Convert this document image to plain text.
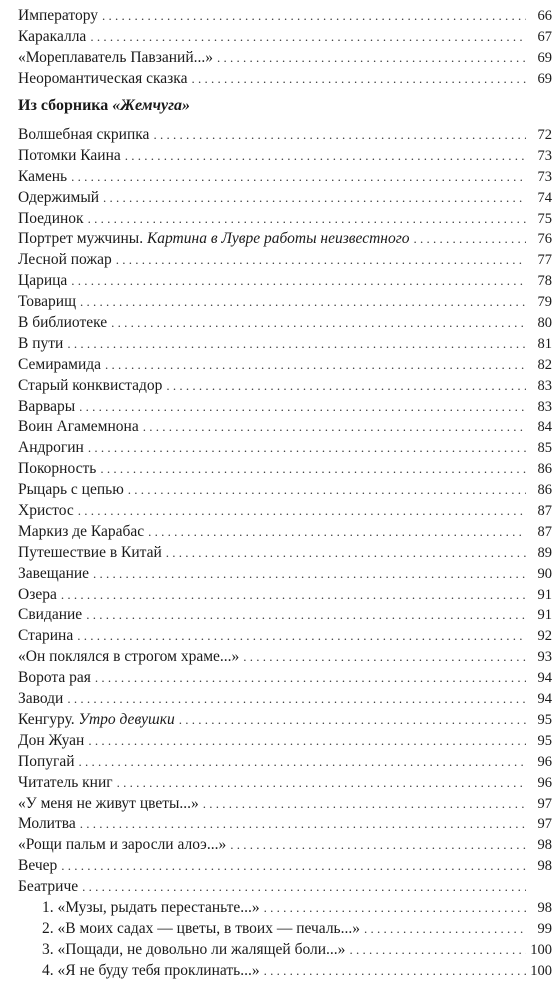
Императору . . .	66
Каракалла . . .	67
«Мореплаватель Павзаний...» . . .	69
Неоромантическая сказка . . .	69
Из сборника «Жемчуга»
Волшебная скрипка . . .	72
Потомки Каина . . .	73
Камень . . .	73
Одержимый . . .	74
Поединок . . .	75
Портрет мужчины. Картина в Лувре работы неизвестного . . .	76
Лесной пожар . . .	77
Царица . . .	78
Товарищ . . .	79
В библиотеке . . .	80
В пути . . .	81
Семирамида . . .	82
Старый конквистадор . . .	83
Варвары . . .	83
Воин Агамемнона . . .	84
Андрогин . . .	85
Покорность . . .	86
Рыцарь с цепью . . .	86
Христос . . .	87
Маркиз де Карабас . . .	87
Путешествие в Китай . . .	89
Завещание . . .	90
Озера . . .	91
Свидание . . .	91
Старина . . .	92
«Он поклялся в строгом храме...» . . .	93
Ворота рая . . .	94
Заводи . . .	94
Кенгуру. Утро девушки . . .	95
Дон Жуан . . .	95
Попугай . . .	96
Читатель книг . . .	96
«У меня не живут цветы...» . . .	97
Молитва . . .	97
«Рощи пальм и заросли алоэ...» . . .	98
Вечер . . .	98
Беатриче
. . .
1. «Музы, рыдать перестаньте...» . . .	98
2. «В моих садах — цветы, в твоих — печаль...» . . .	99
3. «Пощади, не довольно ли жалящей боли...» . . .	100
4. «Я не буду тебя проклинать...» . . .	100
